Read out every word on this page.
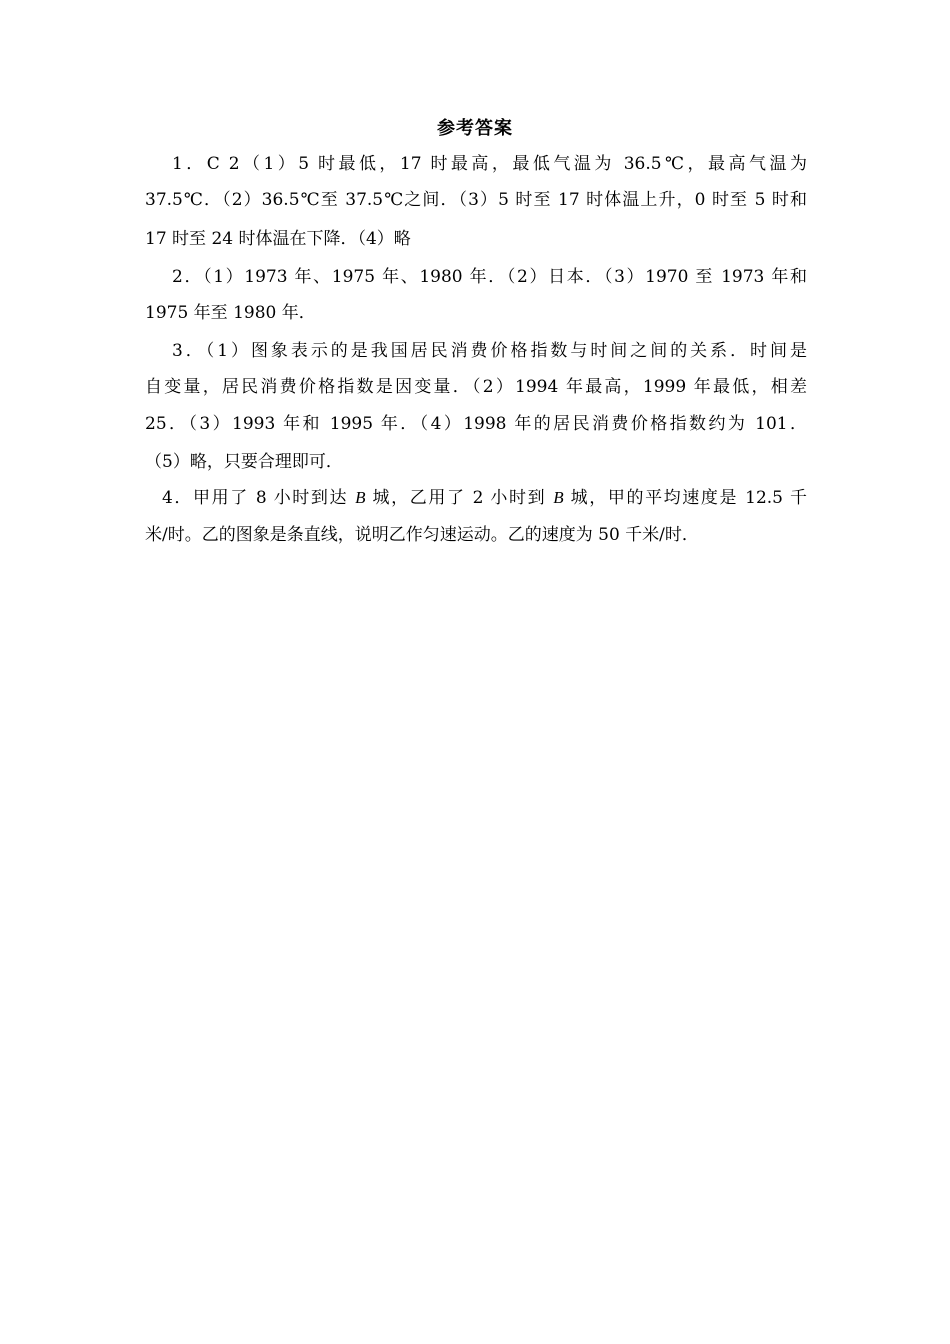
参考答案
1．C 2（1）5 时最低，17 时最高，最低气温为 36.5℃，最高气温为
37.5℃．（2）36.5℃至 37.5℃之间．（3）5 时至 17 时体温上升，0 时至 5 时和
17 时至 24 时体温在下降．（4）略
2．（1）1973 年、1975 年、1980 年．（2）日本．（3）1970 至 1973 年和
1975 年至 1980 年．
3．（1）图象表示的是我国居民消费价格指数与时间之间的关系．时间是
自变量，居民消费价格指数是因变量．（2）1994 年最高，1999 年最低，相差
25．（3）1993 年和 1995 年．（4）1998 年的居民消费价格指数约为 101．
（5）略，只要合理即可．
4．甲用了 8 小时到达 B 城，乙用了 2 小时到 B 城，甲的平均速度是 12.5 千
米/时。乙的图象是条直线，说明乙作匀速运动。乙的速度为 50 千米/时．
